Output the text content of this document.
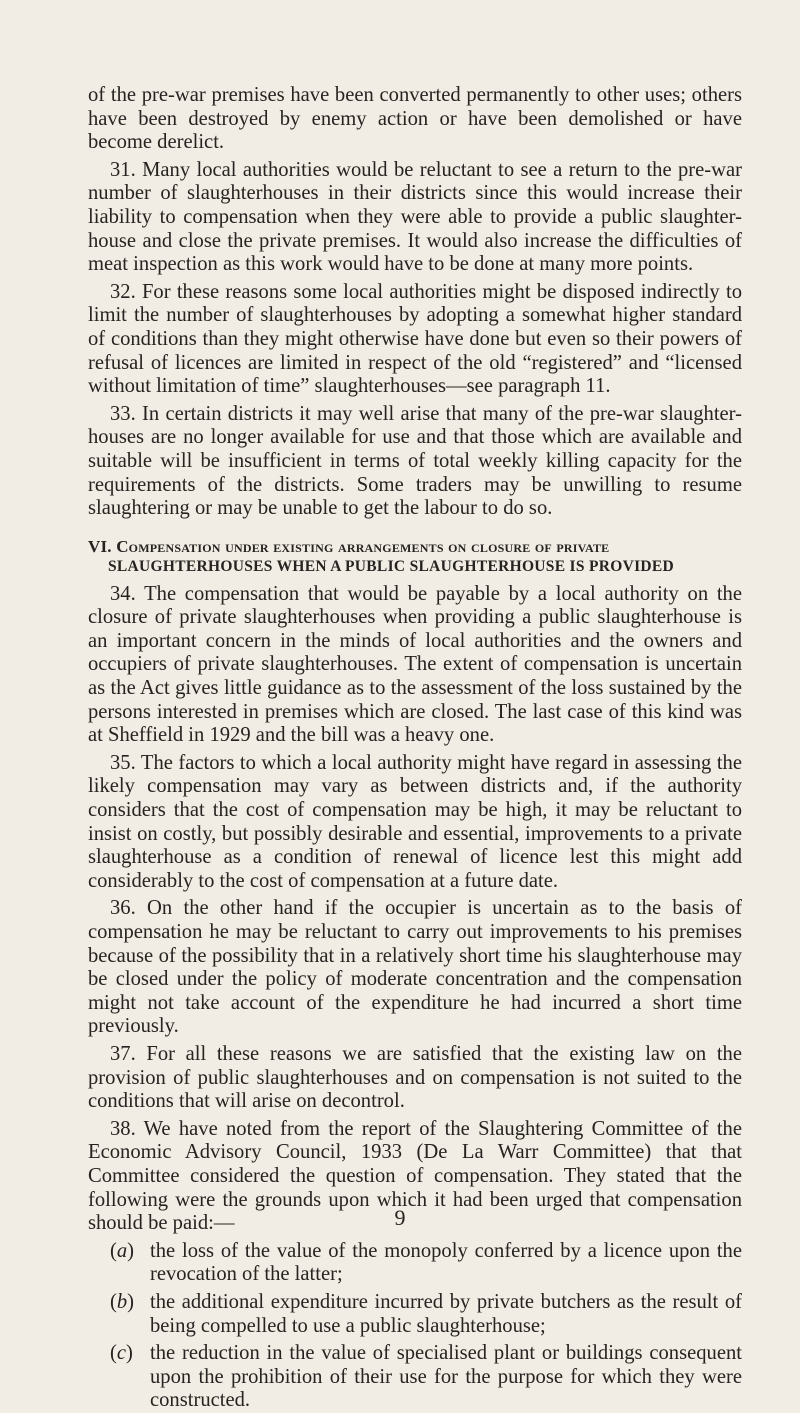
of the pre-war premises have been converted permanently to other uses; others have been destroyed by enemy action or have been demolished or have become derelict.

31. Many local authorities would be reluctant to see a return to the pre-war number of slaughterhouses in their districts since this would increase their liability to compensation when they were able to provide a public slaughter-house and close the private premises. It would also increase the difficulties of meat inspection as this work would have to be done at many more points.

32. For these reasons some local authorities might be disposed indirectly to limit the number of slaughterhouses by adopting a somewhat higher standard of conditions than they might otherwise have done but even so their powers of refusal of licences are limited in respect of the old “registered” and “licensed without limitation of time” slaughterhouses—see paragraph 11.

33. In certain districts it may well arise that many of the pre-war slaughter-houses are no longer available for use and that those which are available and suitable will be insufficient in terms of total weekly killing capacity for the requirements of the districts. Some traders may be unwilling to resume slaughtering or may be unable to get the labour to do so.

VI. Compensation under existing arrangements on closure of private
SLAUGHTERHOUSES WHEN A PUBLIC SLAUGHTERHOUSE IS PROVIDED

34. The compensation that would be payable by a local authority on the closure of private slaughterhouses when providing a public slaughterhouse is an important concern in the minds of local authorities and the owners and occupiers of private slaughterhouses. The extent of compensation is uncertain as the Act gives little guidance as to the assessment of the loss sustained by the persons interested in premises which are closed. The last case of this kind was at Sheffield in 1929 and the bill was a heavy one.

35. The factors to which a local authority might have regard in assessing the likely compensation may vary as between districts and, if the authority considers that the cost of compensation may be high, it may be reluctant to insist on costly, but possibly desirable and essential, improvements to a private slaughterhouse as a condition of renewal of licence lest this might add considerably to the cost of compensation at a future date.

36. On the other hand if the occupier is uncertain as to the basis of compensation he may be reluctant to carry out improvements to his premises because of the possibility that in a relatively short time his slaughterhouse may be closed under the policy of moderate concentration and the compensation might not take account of the expenditure he had incurred a short time previously.

37. For all these reasons we are satisfied that the existing law on the provision of public slaughterhouses and on compensation is not suited to the conditions that will arise on decontrol.

38. We have noted from the report of the Slaughtering Committee of the Economic Advisory Council, 1933 (De La Warr Committee) that that Committee considered the question of compensation. They stated that the following were the grounds upon which it had been urged that compensation should be paid:—

(a) the loss of the value of the monopoly conferred by a licence upon the revocation of the latter;
(b) the additional expenditure incurred by private butchers as the result of being compelled to use a public slaughterhouse;
(c) the reduction in the value of specialised plant or buildings consequent upon the prohibition of their use for the purpose for which they were constructed.
9
